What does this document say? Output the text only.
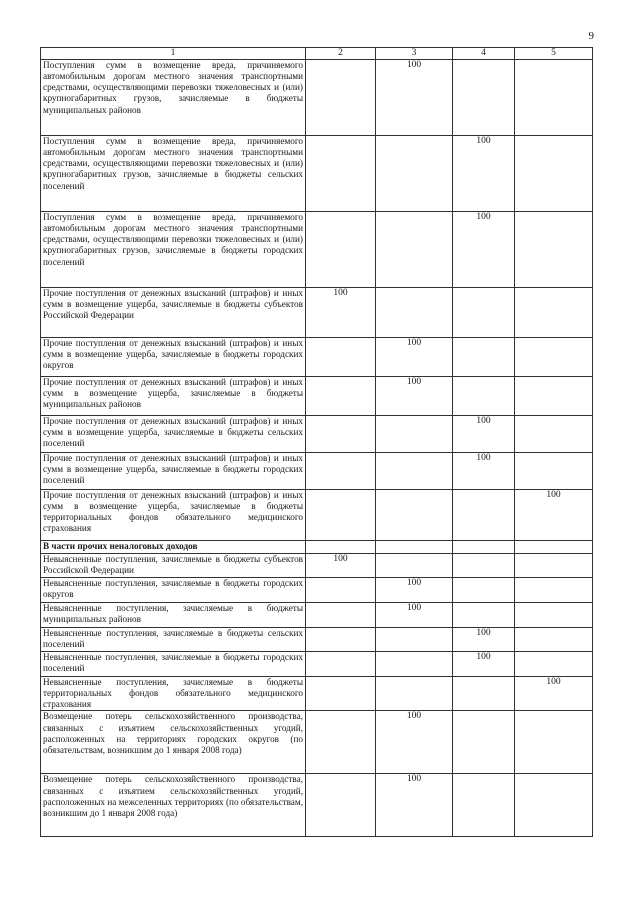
9
1	2	3	4	5
Поступления сумм в возмещение вреда, причиняемого автомобильным дорогам местного значения транспортными средствами, осуществляющими перевозки тяжеловесных и (или) крупногабаритных грузов, зачисляемые в бюджеты муниципальных районов		100		
Поступления сумм в возмещение вреда, причиняемого автомобильным дорогам местного значения транспортными средствами, осуществляющими перевозки тяжеловесных и (или) крупногабаритных грузов, зачисляемые в бюджеты сельских поселений			100	
Поступления сумм в возмещение вреда, причиняемого автомобильным дорогам местного значения транспортными средствами, осуществляющими перевозки тяжеловесных и (или) крупногабаритных грузов, зачисляемые в бюджеты городских поселений			100	
Прочие поступления от денежных взысканий (штрафов) и иных сумм в возмещение ущерба, зачисляемые в бюджеты субъектов Российской Федерации	100			
Прочие поступления от денежных взысканий (штрафов) и иных сумм в возмещение ущерба, зачисляемые в бюджеты городских округов		100		
Прочие поступления от денежных взысканий (штрафов) и иных сумм в возмещение ущерба, зачисляемые в бюджеты муниципальных районов		100		
Прочие поступления от денежных взысканий (штрафов) и иных сумм в возмещение ущерба, зачисляемые в бюджеты сельских поселений			100	
Прочие поступления от денежных взысканий (штрафов) и иных сумм в возмещение ущерба, зачисляемые в бюджеты городских поселений			100	
Прочие поступления от денежных взысканий (штрафов) и иных сумм в возмещение ущерба, зачисляемые в бюджеты территориальных фондов обязательного медицинского страхования				100
В части прочих неналоговых доходов				
Невыясненные поступления, зачисляемые в бюджеты субъектов Российской Федерации	100			
Невыясненные поступления, зачисляемые в бюджеты городских округов		100		
Невыясненные поступления, зачисляемые в бюджеты муниципальных районов		100		
Невыясненные поступления, зачисляемые в бюджеты сельских поселений			100	
Невыясненные поступления, зачисляемые в бюджеты городских поселений			100	
Невыясненные поступления, зачисляемые в бюджеты территориальных фондов обязательного медицинского страхования				100
Возмещение потерь сельскохозяйственного производства, связанных с изъятием сельскохозяйственных угодий, расположенных на территориях городских округов (по обязательствам, возникшим до 1 января 2008 года)		100		
Возмещение потерь сельскохозяйственного производства, связанных с изъятием сельскохозяйственных угодий, расположенных на межселенных территориях (по обязательствам, возникшим до 1 января 2008 года)		100		
